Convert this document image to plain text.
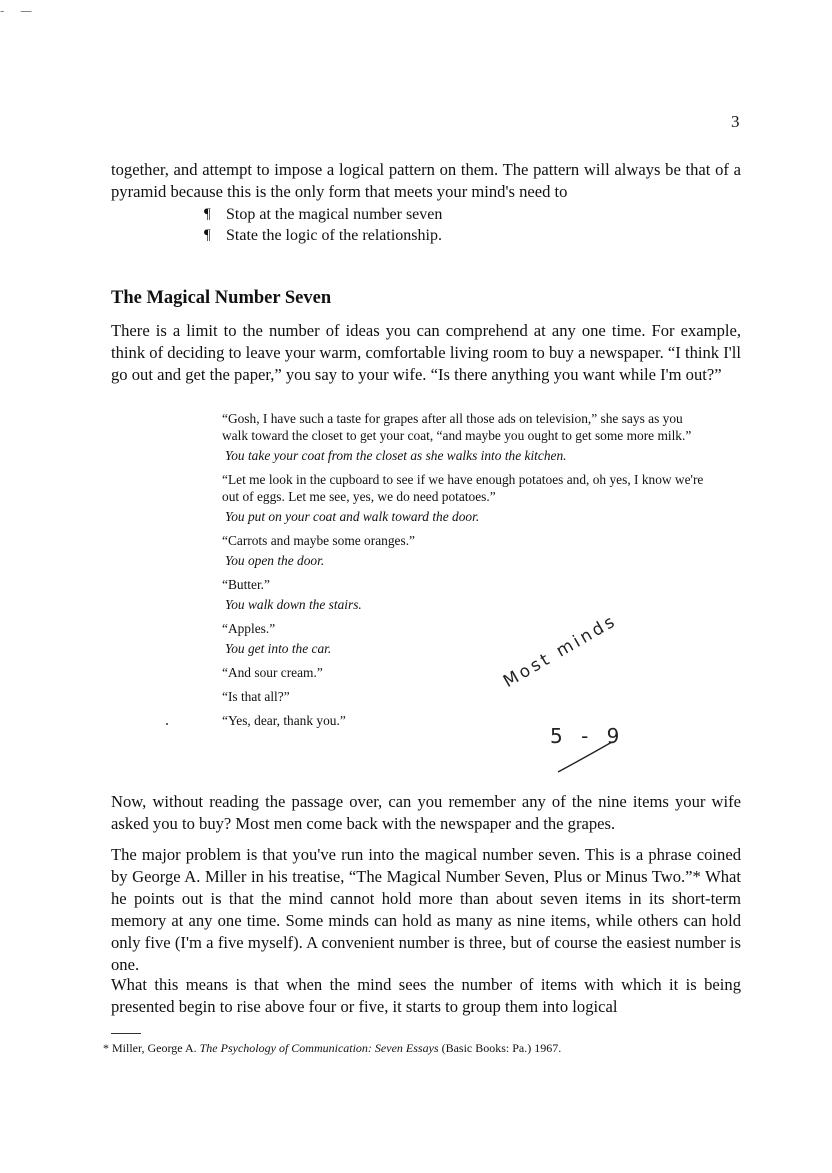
- —
3

together, and attempt to impose a logical pattern on them. The pattern will always be that of a pyramid because this is the only form that meets your mind's need to

¶ Stop at the magical number seven
¶ State the logic of the relationship.
The Magical Number Seven

There is a limit to the number of ideas you can comprehend at any one time. For example, think of deciding to leave your warm, comfortable living room to buy a newspaper. “I think I'll go out and get the paper,” you say to your wife. “Is there anything you want while I'm out?”

“Gosh, I have such a taste for grapes after all those ads on television,” she says as you walk toward the closet to get your coat, “and maybe you ought to get some more milk.”

You take your coat from the closet as she walks into the kitchen.

“Let me look in the cupboard to see if we have enough potatoes and, oh yes, I know we're out of eggs. Let me see, yes, we do need potatoes.”

You put on your coat and walk toward the door.

“Carrots and maybe some oranges.”

You open the door.

“Butter.”

You walk down the stairs.

“Apples.”

You get into the car.

“And sour cream.”

“Is that all?”

“Yes, dear, thank you.”

Most minds
5 - 9

Now, without reading the passage over, can you remember any of the nine items your wife asked you to buy? Most men come back with the newspaper and the grapes.

The major problem is that you've run into the magical number seven. This is a phrase coined by George A. Miller in his treatise, “The Magical Number Seven, Plus or Minus Two.”* What he points out is that the mind cannot hold more than about seven items in its short-term memory at any one time. Some minds can hold as many as nine items, while others can hold only five (I'm a five myself). A convenient number is three, but of course the easiest number is one.

What this means is that when the mind sees the number of items with which it is being presented begin to rise above four or five, it starts to group them into logical

* Miller, George A. The Psychology of Communication: Seven Essays (Basic Books: Pa.) 1967.
